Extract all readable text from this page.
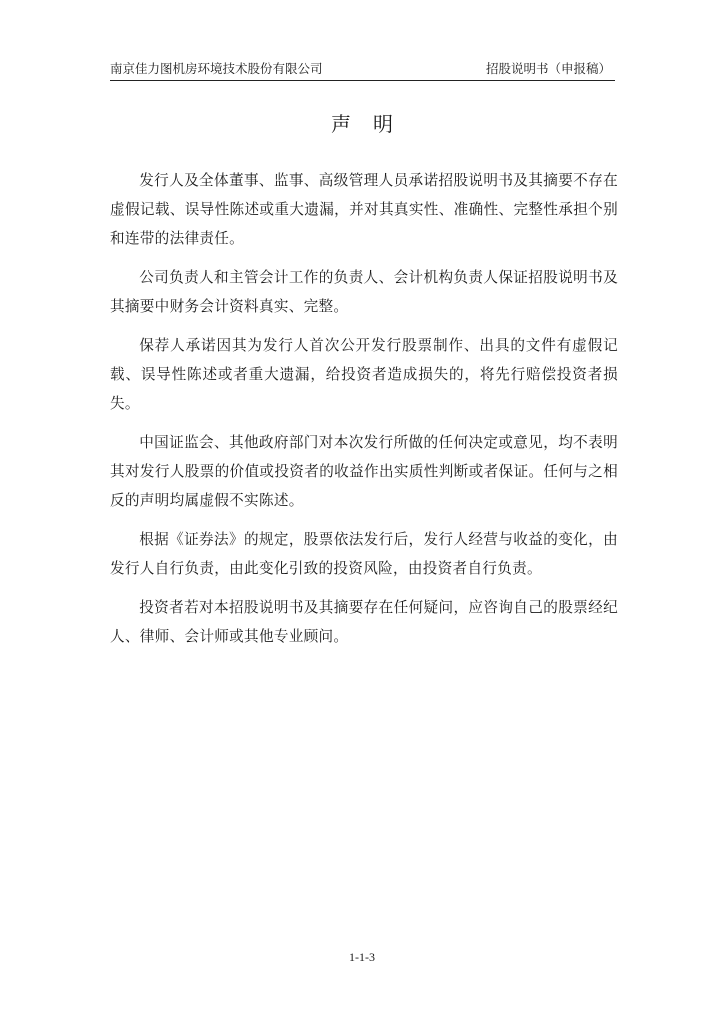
南京佳力图机房环境技术股份有限公司	招股说明书（申报稿）
声明

发行人及全体董事、监事、高级管理人员承诺招股说明书及其摘要不存在虚假记载、误导性陈述或重大遗漏，并对其真实性、准确性、完整性承担个别和连带的法律责任。

公司负责人和主管会计工作的负责人、会计机构负责人保证招股说明书及其摘要中财务会计资料真实、完整。

保荐人承诺因其为发行人首次公开发行股票制作、出具的文件有虚假记载、误导性陈述或者重大遗漏，给投资者造成损失的，将先行赔偿投资者损失。

中国证监会、其他政府部门对本次发行所做的任何决定或意见，均不表明其对发行人股票的价值或投资者的收益作出实质性判断或者保证。任何与之相反的声明均属虚假不实陈述。

根据《证券法》的规定，股票依法发行后，发行人经营与收益的变化，由发行人自行负责，由此变化引致的投资风险，由投资者自行负责。

投资者若对本招股说明书及其摘要存在任何疑问，应咨询自己的股票经纪人、律师、会计师或其他专业顾问。

1-1-3
